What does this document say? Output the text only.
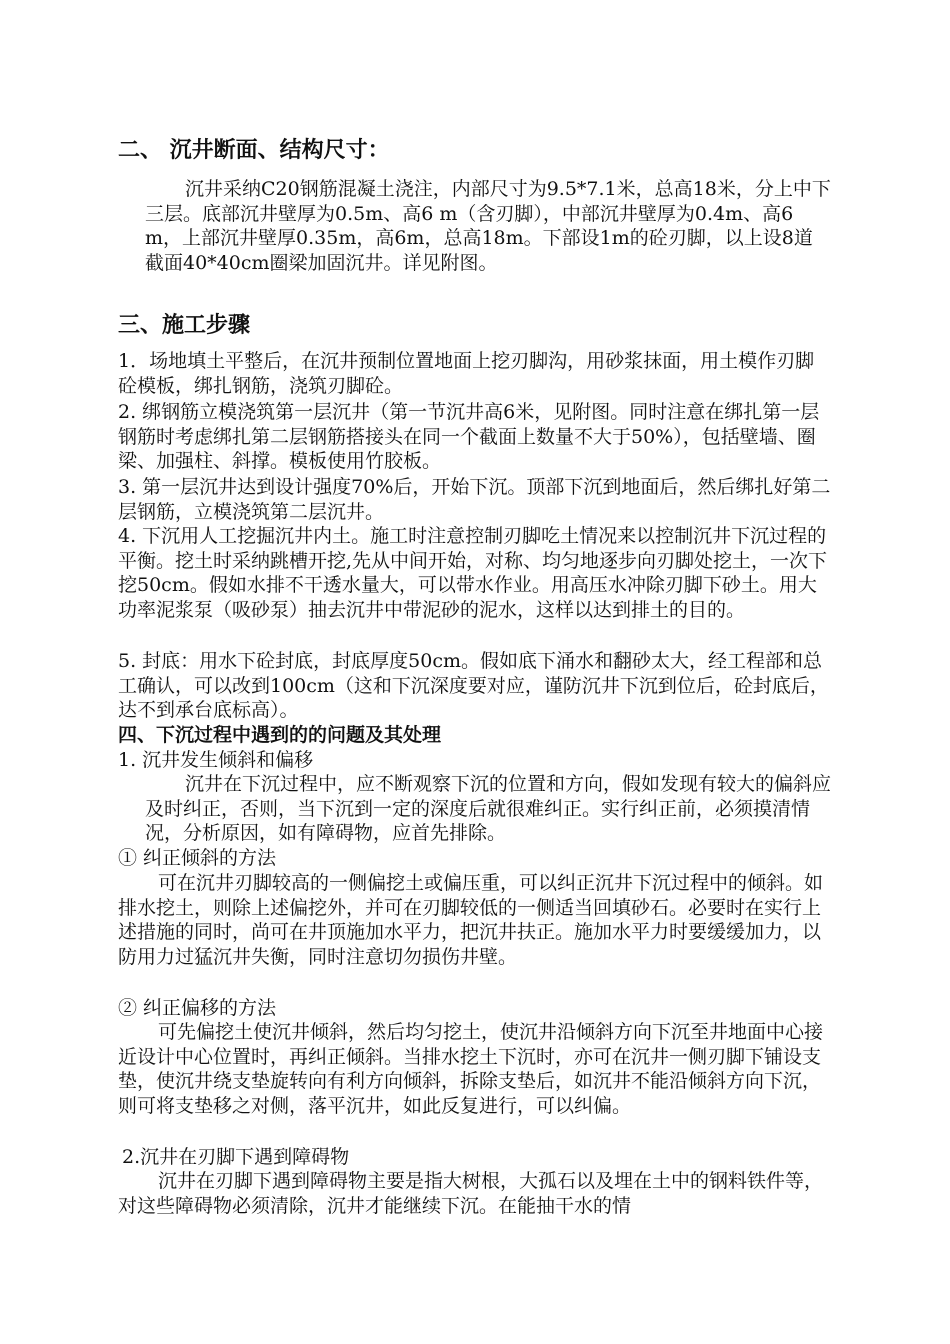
二、 沉井断面、结构尺寸：

沉井采纳C20钢筋混凝土浇注，内部尺寸为9.5*7.1米，总高18米，分上中下三层。底部沉井壁厚为0.5m、高6 m（含刃脚），中部沉井壁厚为0.4m、高6 m，上部沉井壁厚0.35m，高6m，总高18m。下部设1m的砼刃脚，以上设8道截面40*40cm圈梁加固沉井。详见附图。

三、施工步骤

1．场地填土平整后，在沉井预制位置地面上挖刃脚沟，用砂浆抹面，用土模作刃脚砼模板，绑扎钢筋，浇筑刃脚砼。

2. 绑钢筋立模浇筑第一层沉井（第一节沉井高6米，见附图。同时注意在绑扎第一层钢筋时考虑绑扎第二层钢筋搭接头在同一个截面上数量不大于50%），包括壁墙、圈梁、加强柱、斜撑。模板使用竹胶板。

3. 第一层沉井达到设计强度70%后，开始下沉。顶部下沉到地面后，然后绑扎好第二层钢筋，立模浇筑第二层沉井。

4. 下沉用人工挖掘沉井内土。施工时注意控制刃脚吃土情况来以控制沉井下沉过程的平衡。挖土时采纳跳槽开挖,先从中间开始，对称、均匀地逐步向刃脚处挖土，一次下挖50cm。假如水排不干透水量大，可以带水作业。用高压水冲除刃脚下砂土。用大功率泥浆泵（吸砂泵）抽去沉井中带泥砂的泥水，这样以达到排土的目的。

5. 封底：用水下砼封底，封底厚度50cm。假如底下涌水和翻砂太大，经工程部和总工确认，可以改到100cm（这和下沉深度要对应，谨防沉井下沉到位后，砼封底后，达不到承台底标高）。

四、下沉过程中遇到的的问题及其处理

1. 沉井发生倾斜和偏移

沉井在下沉过程中，应不断观察下沉的位置和方向，假如发现有较大的偏斜应及时纠正，否则，当下沉到一定的深度后就很难纠正。实行纠正前，必须摸清情况，分析原因，如有障碍物，应首先排除。

① 纠正倾斜的方法

可在沉井刃脚较高的一侧偏挖土或偏压重，可以纠正沉井下沉过程中的倾斜。如排水挖土，则除上述偏挖外，并可在刃脚较低的一侧适当回填砂石。必要时在实行上述措施的同时，尚可在井顶施加水平力，把沉井扶正。施加水平力时要缓缓加力，以防用力过猛沉井失衡，同时注意切勿损伤井壁。

② 纠正偏移的方法

可先偏挖土使沉井倾斜，然后均匀挖土，使沉井沿倾斜方向下沉至井地面中心接近设计中心位置时，再纠正倾斜。当排水挖土下沉时，亦可在沉井一侧刃脚下铺设支垫，使沉井绕支垫旋转向有利方向倾斜，拆除支垫后，如沉井不能沿倾斜方向下沉，则可将支垫移之对侧，落平沉井，如此反复进行，可以纠偏。

2.沉井在刃脚下遇到障碍物

沉井在刃脚下遇到障碍物主要是指大树根，大孤石以及埋在土中的钢料铁件等，对这些障碍物必须清除，沉井才能继续下沉。在能抽干水的情
